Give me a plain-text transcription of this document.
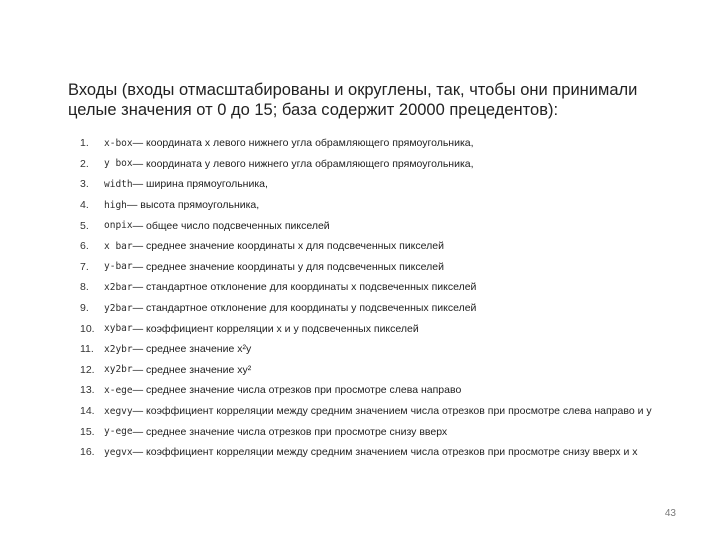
Входы (входы отмасштабированы и округлены, так, чтобы они принимали целые значения от 0 до 15; база содержит 20000 прецедентов):
1.	x-box — координата x левого нижнего угла обрамляющего прямоугольника,
2.	y box — координата y левого нижнего угла обрамляющего прямоугольника,
3.	width — ширина прямоугольника,
4.	high — высота прямоугольника,
5.	onpix — общее число подсвеченных пикселей
6.	x bar — среднее значение координаты x для подсвеченных пикселей
7.	y-bar — среднее значение координаты y для подсвеченных пикселей
8.	x2bar — стандартное отклонение для координаты x подсвеченных пикселей
9.	y2bar — стандартное отклонение для координаты y подсвеченных пикселей
10. xybar — коэффициент корреляции x и y подсвеченных пикселей
11.	x2ybr — среднее значение x²y
12. xy2br — среднее значение xy²
13. x-ege — среднее значение числа отрезков при просмотре слева направо
14. xegvy — коэффициент корреляции между средним значением числа отрезков при просмотре слева направо и y
15. y-ege — среднее значение числа отрезков при просмотре снизу вверх
16. yegvx — коэффициент корреляции между средним значением числа отрезков при просмотре снизу вверх и x
43
